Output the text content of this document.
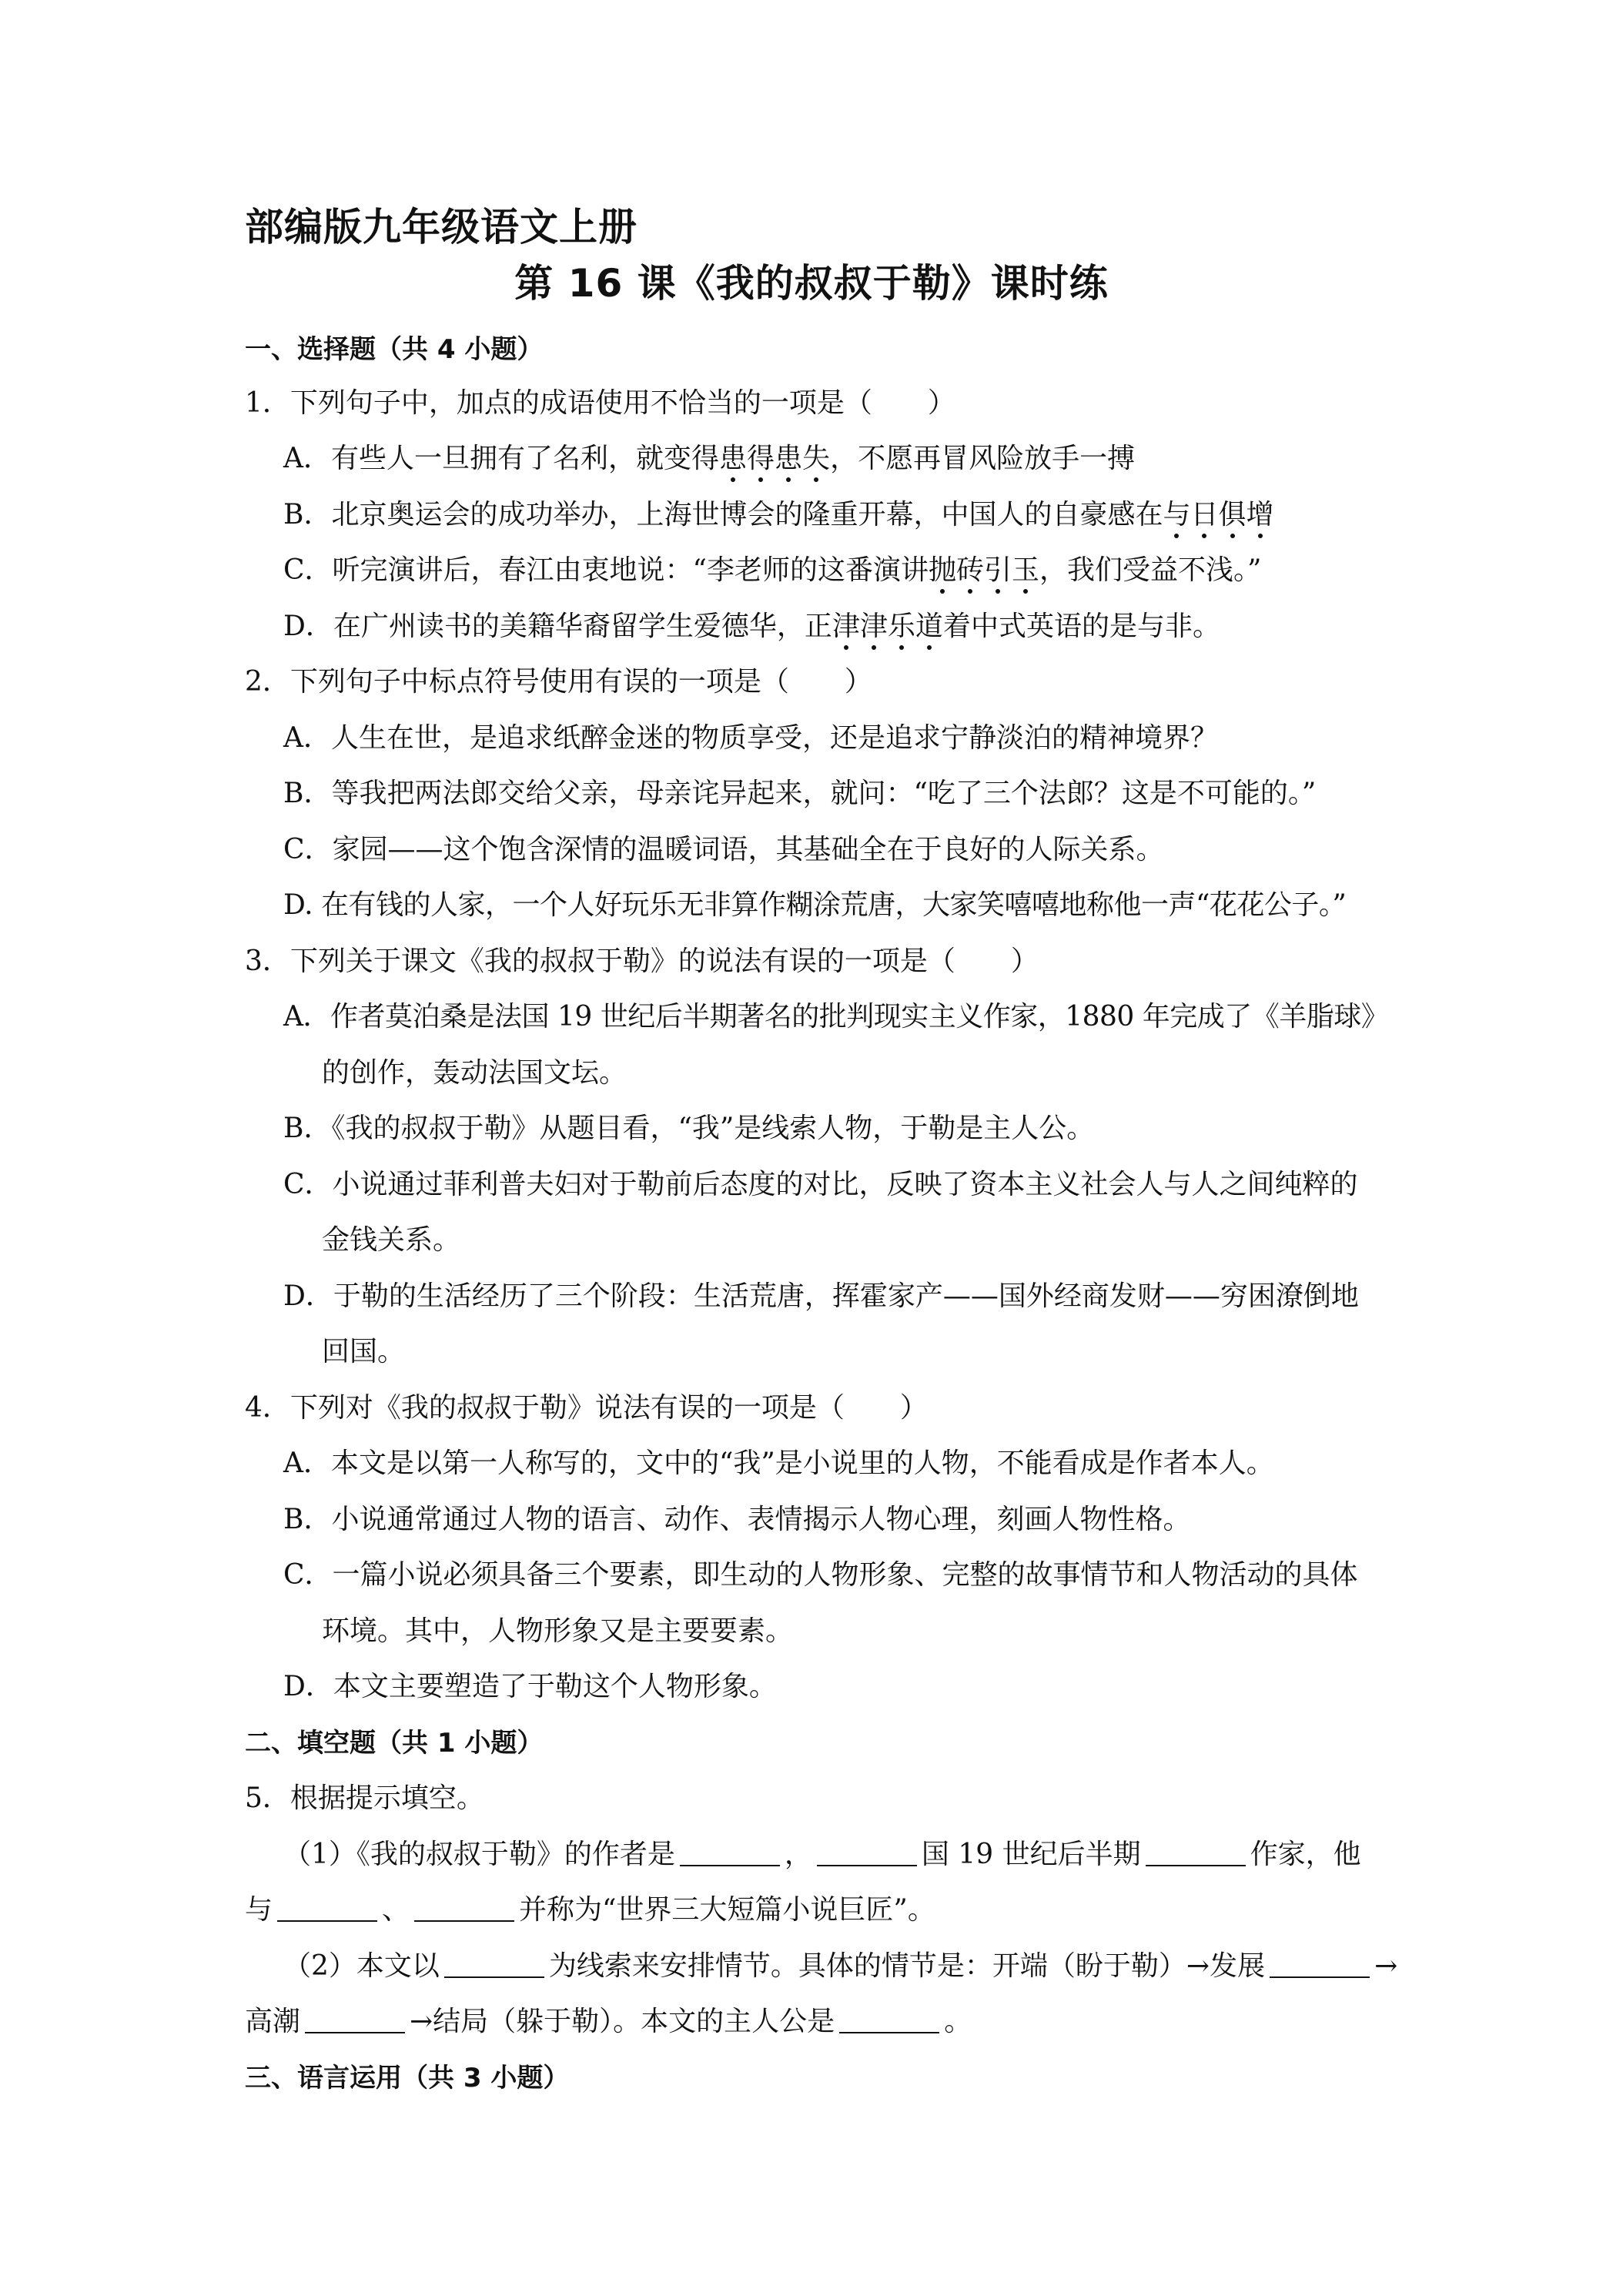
部编版九年级语文上册
第 16 课《我的叔叔于勒》课时练
一、选择题（共 4 小题）
1．下列句子中，加点的成语使用不恰当的一项是（　　）
A．有些人一旦拥有了名利，就变得患得患失，不愿再冒风险放手一搏
B．北京奥运会的成功举办，上海世博会的隆重开幕，中国人的自豪感在与日俱增
C．听完演讲后，春江由衷地说：“李老师的这番演讲抛砖引玉，我们受益不浅。”
D．在广州读书的美籍华裔留学生爱德华，正津津乐道着中式英语的是与非。
2．下列句子中标点符号使用有误的一项是（　　）
A．人生在世，是追求纸醉金迷的物质享受，还是追求宁静淡泊的精神境界？
B．等我把两法郎交给父亲，母亲诧异起来，就问：“吃了三个法郎？这是不可能的。”
C．家园——这个饱含深情的温暖词语，其基础全在于良好的人际关系。
D. 在有钱的人家，一个人好玩乐无非算作糊涂荒唐，大家笑嘻嘻地称他一声“花花公子。”
3．下列关于课文《我的叔叔于勒》的说法有误的一项是（　　）
A．作者莫泊桑是法国 19 世纪后半期著名的批判现实主义作家，1880 年完成了《羊脂球》
的创作，轰动法国文坛。
B．《我的叔叔于勒》从题目看，“我”是线索人物，于勒是主人公。
C．小说通过菲利普夫妇对于勒前后态度的对比，反映了资本主义社会人与人之间纯粹的
金钱关系。
D．于勒的生活经历了三个阶段：生活荒唐，挥霍家产——国外经商发财——穷困潦倒地
回国。
4．下列对《我的叔叔于勒》说法有误的一项是（　　）
A．本文是以第一人称写的，文中的“我”是小说里的人物，不能看成是作者本人。
B．小说通常通过人物的语言、动作、表情揭示人物心理，刻画人物性格。
C．一篇小说必须具备三个要素，即生动的人物形象、完整的故事情节和人物活动的具体
环境。其中，人物形象又是主要要素。
D．本文主要塑造了于勒这个人物形象。
二、填空题（共 1 小题）
5．根据提示填空。
（1）《我的叔叔于勒》的作者是	，	国 19 世纪后半期	作家，他
与	、	并称为“世界三大短篇小说巨匠”。
（2）本文以	为线索来安排情节。具体的情节是：开端（盼于勒）→发展	→
高潮	→结局（躲于勒）。本文的主人公是	。
三、语言运用（共 3 小题）
